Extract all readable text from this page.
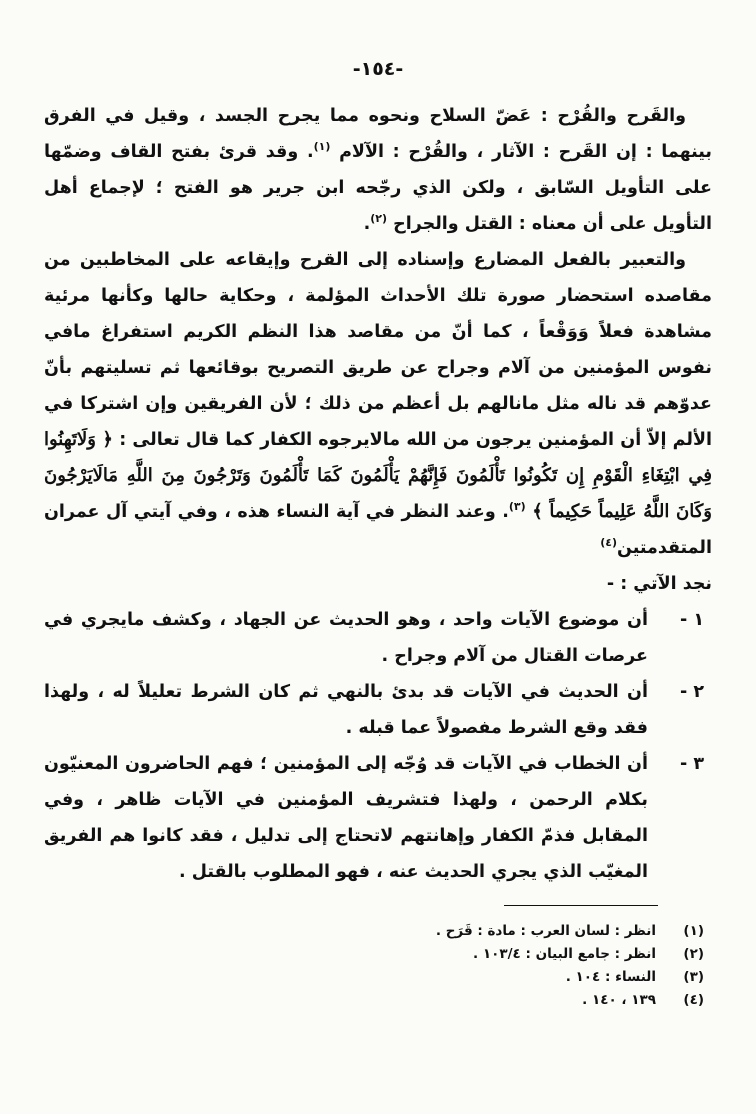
-١٥٤-

والقَرح والقُرْح : عَضّ السلاح ونحوه مما يجرح الجسد ، وقيل في الفرق بينهما : إن القَرح : الآثار ، والقُرْح : الآلام $^{(١)}$. وقد قرئ بفتح القاف وضمّها على التأويل السّابق ، ولكن الذي رجّحه ابن جرير هو الفتح ؛ لإجماع أهل التأويل على أن معناه : القتل والجراح $^{(٢)}$.

والتعبير بالفعل المضارع وإسناده إلى القرح وإيقاعه على المخاطبين من مقاصده استحضار صورة تلك الأحداث المؤلمة ، وحكاية حالها وكأنها مرئية مشاهدة فعلاً وَوَقْعاً ، كما أنّ من مقاصد هذا النظم الكريم استفراغ مافي نفوس المؤمنين من آلام وجراح عن طريق التصريح بوقائعها ثم تسليتهم بأنّ عدوّهم قد ناله مثل مانالهم بل أعظم من ذلك ؛ لأن الفريقين وإن اشتركا في الألم إلاّ أن المؤمنين يرجون من الله مالايرجوه الكفار كما قال تعالى : ﴿ وَلَاتَهِنُوا فِي ابْتِغَاءِ الْقَوْمِ إِن تَكُونُوا تَأْلَمُونَ فَإِنَّهُمْ يَأْلَمُونَ كَمَا تَأْلَمُونَ وَتَرْجُونَ مِنَ اللَّهِ مَالَايَرْجُونَ وَكَانَ اللَّهُ عَلِيماً حَكِيماً ﴾ $^{(٣)}$. وعند النظر في آية النساء هذه ، وفي آيتي آل عمران المتقدمتين$^{(٤)}$

نجد الآتي : -

١ -
أن موضوع الآيات واحد ، وهو الحديث عن الجهاد ، وكشف مايجري في عرصات القتال من آلام وجراح .
٢ -
أن الحديث في الآيات قد بدئ بالنهي ثم كان الشرط تعليلاً له ، ولهذا فقد وقع الشرط مفصولاً عما قبله .
٣ -
أن الخطاب في الآيات قد وُجّه إلى المؤمنين ؛ فهم الحاضرون المعنيّون بكلام الرحمن ، ولهذا فتشريف المؤمنين في الآيات ظاهر ، وفي المقابل فذمّ الكفار وإهانتهم لاتحتاج إلى تدليل ، فقد كانوا هم الفريق المغيّب الذي يجري الحديث عنه ، فهو المطلوب بالقتل .
(١)
انظر : لسان العرب : مادة : قَرَح .
(٢)
انظر : جامع البيان : ١٠٣/٤ .
(٣)
النساء : ١٠٤ .
(٤)
١٣٩ ، ١٤٠ .
